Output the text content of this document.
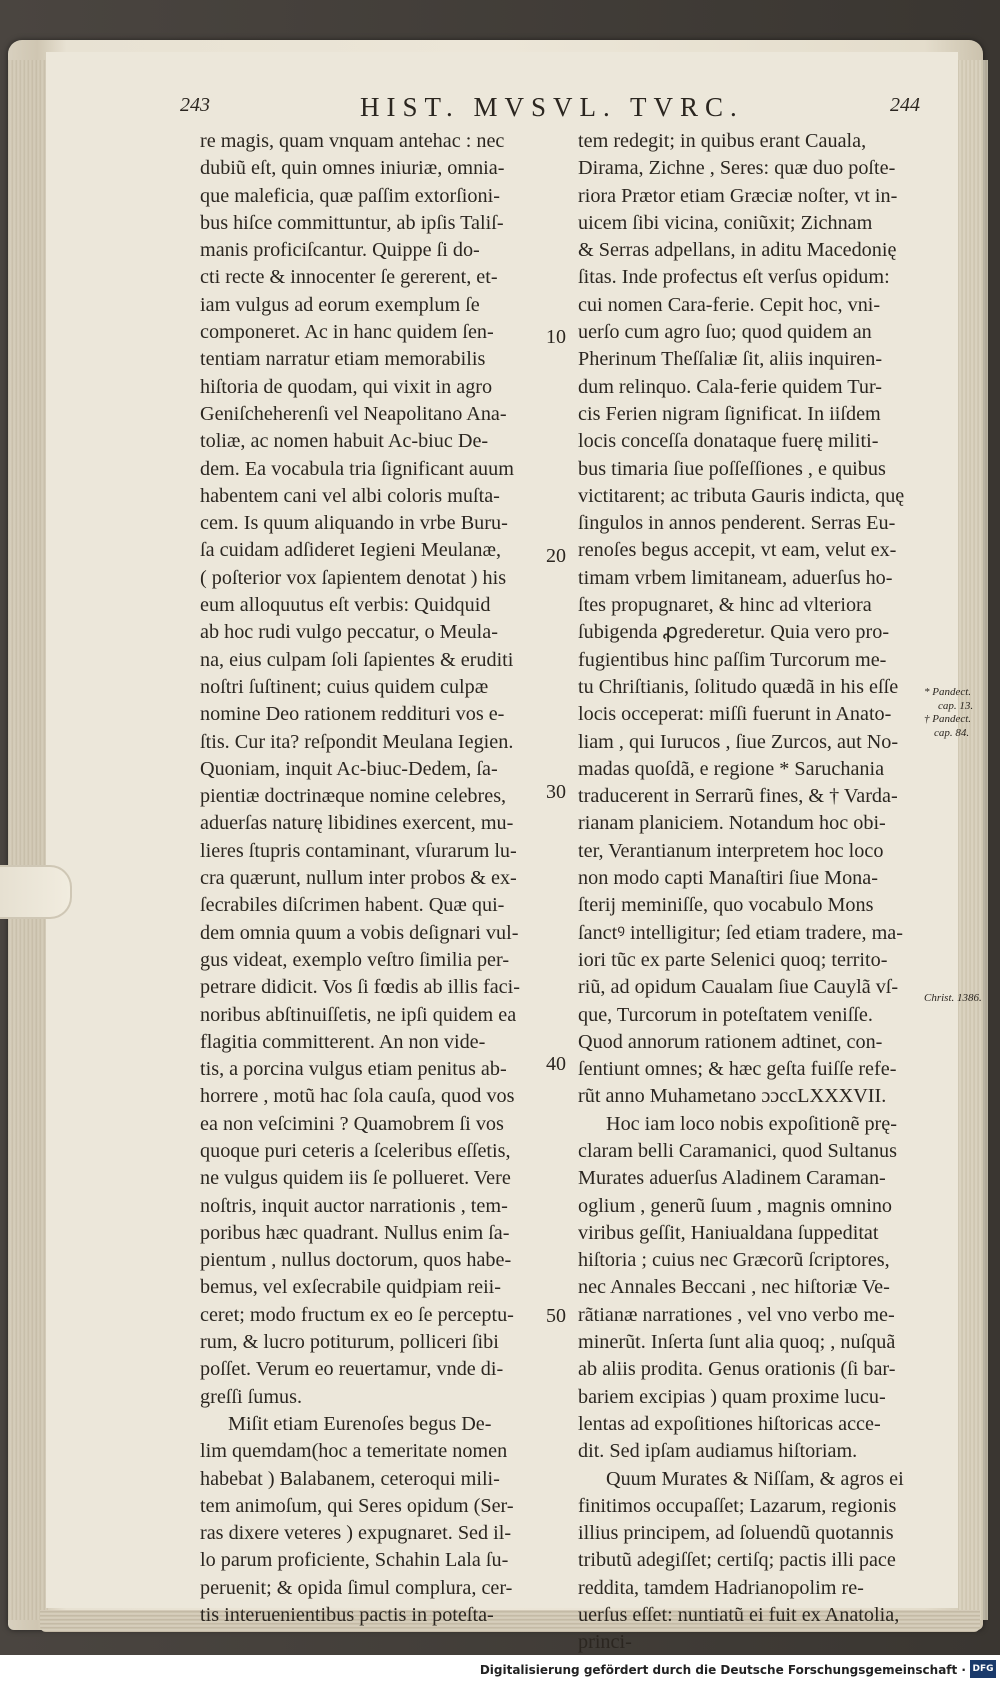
243	HIST. MVSVL. TVRC.	244
re magis, quam vnquam antehac : nec
dubiũ eſt, quin omnes iniuriæ, omnia-
que maleficia, quæ paſſim extorſioni-
bus hiſce committuntur, ab ipſis Taliſ-
manis proficiſcantur. Quippe ſi do-
cti recte & innocenter ſe gererent, et-
iam vulgus ad eorum exemplum ſe
componeret. Ac in hanc quidem ſen-
tentiam narratur etiam memorabilis
hiſtoria de quodam, qui vixit in agro
Geniſcheherenſi vel Neapolitano Ana-
toliæ, ac nomen habuit Ac-biuc De-
dem. Ea vocabula tria ſignificant auum
habentem cani vel albi coloris muſta-
cem. Is quum aliquando in vrbe Buru-
ſa cuidam adſideret Iegieni Meulanæ,
( poſterior vox ſapientem denotat ) his
eum alloquutus eſt verbis: Quidquid
ab hoc rudi vulgo peccatur, o Meula-
na, eius culpam ſoli ſapientes & eruditi
noſtri ſuſtinent; cuius quidem culpæ
nomine Deo rationem reddituri vos e-
ſtis. Cur ita? reſpondit Meulana Iegien.
Quoniam, inquit Ac-biuc-Dedem, ſa-
pientiæ doctrinæque nomine celebres,
aduerſas naturę libidines exercent, mu-
lieres ſtupris contaminant, vſurarum lu-
cra quærunt, nullum inter probos & ex-
ſecrabiles diſcrimen habent. Quæ qui-
dem omnia quum a vobis deſignari vul-
gus videat, exemplo veſtro ſimilia per-
petrare didicit. Vos ſi fœdis ab illis faci-
noribus abſtinuiſſetis, ne ipſi quidem ea
flagitia committerent. An non vide-
tis, a porcina vulgus etiam penitus ab-
horrere , motũ hac ſola cauſa, quod vos
ea non veſcimini ? Quamobrem ſi vos
quoque puri ceteris a ſceleribus eſſetis,
ne vulgus quidem iis ſe pollueret. Vere
noſtris, inquit auctor narrationis , tem-
poribus hæc quadrant. Nullus enim ſa-
pientum , nullus doctorum, quos habe-
bemus, vel exſecrabile quidpiam reii-
ceret; modo fructum ex eo ſe perceptu-
rum, & lucro potiturum, polliceri ſibi
poſſet. Verum eo reuertamur, vnde di-
greſſi ſumus.
Miſit etiam Eurenoſes begus De-
lim quemdam(hoc a temeritate nomen
habebat ) Balabanem, ceteroqui mili-
tem animoſum, qui Seres opidum (Ser-
ras dixere veteres ) expugnaret. Sed il-
lo parum proficiente, Schahin Lala ſu-
peruenit; & opida ſimul complura, cer-
tis interuenientibus pactis in poteſta-
tem redegit; in quibus erant Cauala,
Dirama, Zichne , Seres: quæ duo poſte-
riora Prætor etiam Græciæ noſter, vt in-
uicem ſibi vicina, coniũxit; Zichnam
& Serras adpellans, in aditu Macedonię
ſitas. Inde profectus eſt verſus opidum:
cui nomen Cara-ferie. Cepit hoc, vni-
uerſo cum agro ſuo; quod quidem an
Pherinum Theſſaliæ ſit, aliis inquiren-
dum relinquo. Cala-ferie quidem Tur-
cis Ferien nigram ſignificat. In iiſdem
locis conceſſa donataque fuerę militi-
bus timaria ſiue poſſeſſiones , e quibus
victitarent; ac tributa Gauris indicta, quę
ſingulos in annos penderent. Serras Eu-
renoſes begus accepit, vt eam, velut ex-
timam vrbem limitaneam, aduerſus ho-
ſtes propugnaret, & hinc ad vlteriora
ſubigenda ꝓgrederetur. Quia vero pro-
fugientibus hinc paſſim Turcorum me-
tu Chriſtianis, ſolitudo quædã in his eſſe
locis occeperat: miſſi fuerunt in Anato-
liam , qui Iurucos , ſiue Zurcos, aut No-
madas quoſdã, e regione * Saruchania
traducerent in Serrarũ fines, & † Varda-
rianam planiciem. Notandum hoc obi-
ter, Verantianum interpretem hoc loco
non modo capti Manaſtiri ſiue Mona-
ſterij meminiſſe, quo vocabulo Mons
ſanctꝰ intelligitur; ſed etiam tradere, ma-
iori tũc ex parte Selenici quoq; territo-
riũ, ad opidum Caualam ſiue Cauylã vſ-
que, Turcorum in poteſtatem veniſſe.
Quod annorum rationem adtinet, con-
ſentiunt omnes; & hæc geſta fuiſſe refe-
rũt anno Muhametano ɔɔccLXXXVII.
Hoc iam loco nobis expoſitionẽ prę-
claram belli Caramanici, quod Sultanus
Murates aduerſus Aladinem Caraman-
oglium , generũ ſuum , magnis omnino
viribus geſſit, Haniualdana ſuppeditat
hiſtoria ; cuius nec Græcorũ ſcriptores,
nec Annales Beccani , nec hiſtoriæ Ve-
rãtianæ narrationes , vel vno verbo me-
minerũt. Inſerta ſunt alia quoq; , nuſquã
ab aliis prodita. Genus orationis (ſi bar-
bariem excipias ) quam proxime lucu-
lentas ad expoſitiones hiſtoricas acce-
dit. Sed ipſam audiamus hiſtoriam.
Quum Murates & Niſſam, & agros ei
finitimos occupaſſet; Lazarum, regionis
illius principem, ad ſoluendũ quotannis
tributũ adegiſſet; certiſq; pactis illi pace
reddita, tamdem Hadrianopolim re-
uerſus eſſet: nuntiatũ ei fuit ex Anatolia,
princi-
10
20
30
40
50
* Pandect.
cap. 13.
† Pandect.
cap. 84.
Christ. 1386.
Digitalisierung gefördert durch die Deutsche Forschungsgemeinschaft · DFG
